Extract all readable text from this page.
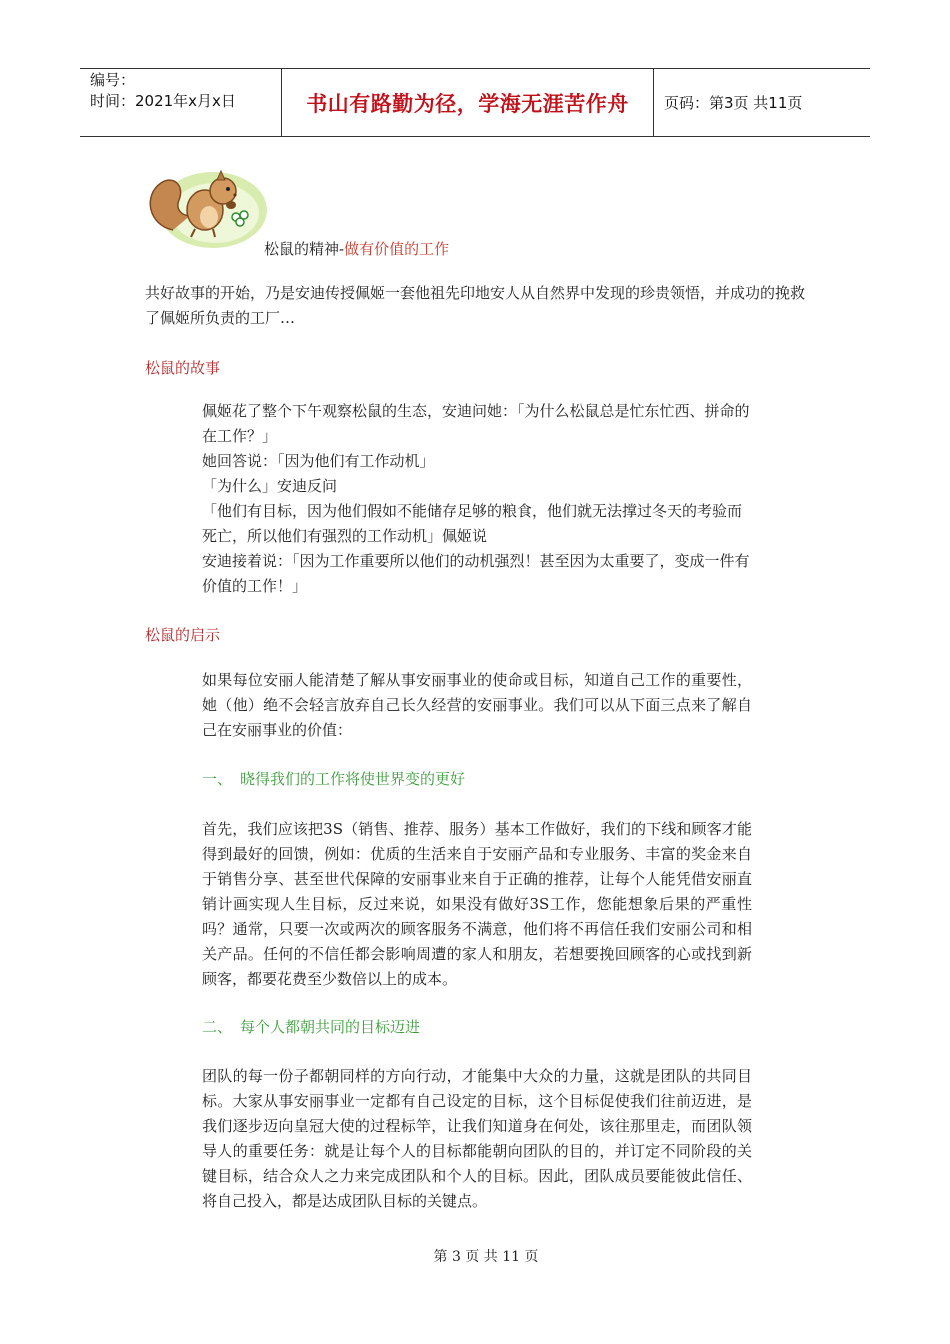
编号：
时间：2021年x月x日	书山有路勤为径，学海无涯苦作舟	页码：第3页 共11页
松鼠的精神-做有价值的工作

共好故事的开始，乃是安迪传授佩姬一套他祖先印地安人从自然界中发现的珍贵领悟，并成功的挽救了佩姬所负责的工厂…

松鼠的故事
佩姬花了整个下午观察松鼠的生态，安迪问她：「为什么松鼠总是忙东忙西、拼命的在工作？」
她回答说：「因为他们有工作动机」
「为什么」安迪反问
「他们有目标，因为他们假如不能储存足够的粮食，他们就无法撑过冬天的考验而死亡，所以他们有强烈的工作动机」佩姬说
安迪接着说：「因为工作重要所以他们的动机强烈！甚至因为太重要了，变成一件有价值的工作！」
松鼠的启示
如果每位安丽人能清楚了解从事安丽事业的使命或目标，知道自己工作的重要性，她（他）绝不会轻言放弃自己长久经营的安丽事业。我们可以从下面三点来了解自己在安丽事业的价值：
一、 晓得我们的工作将使世界变的更好
首先，我们应该把3S（销售、推荐、服务）基本工作做好，我们的下线和顾客才能得到最好的回馈，例如：优质的生活来自于安丽产品和专业服务、丰富的奖金来自于销售分享、甚至世代保障的安丽事业来自于正确的推荐，让每个人能凭借安丽直销计画实现人生目标，反过来说，如果没有做好3S工作，您能想象后果的严重性吗？通常，只要一次或两次的顾客服务不满意，他们将不再信任我们安丽公司和相关产品。任何的不信任都会影响周遭的家人和朋友，若想要挽回顾客的心或找到新顾客，都要花费至少数倍以上的成本。
二、 每个人都朝共同的目标迈进
团队的每一份子都朝同样的方向行动，才能集中大众的力量，这就是团队的共同目标。大家从事安丽事业一定都有自己设定的目标，这个目标促使我们往前迈进，是我们逐步迈向皇冠大使的过程标竿，让我们知道身在何处，该往那里走，而团队领导人的重要任务：就是让每个人的目标都能朝向团队的目的，并订定不同阶段的关键目标，结合众人之力来完成团队和个人的目标。因此，团队成员要能彼此信任、将自己投入，都是达成团队目标的关键点。
第 3 页 共 11 页
